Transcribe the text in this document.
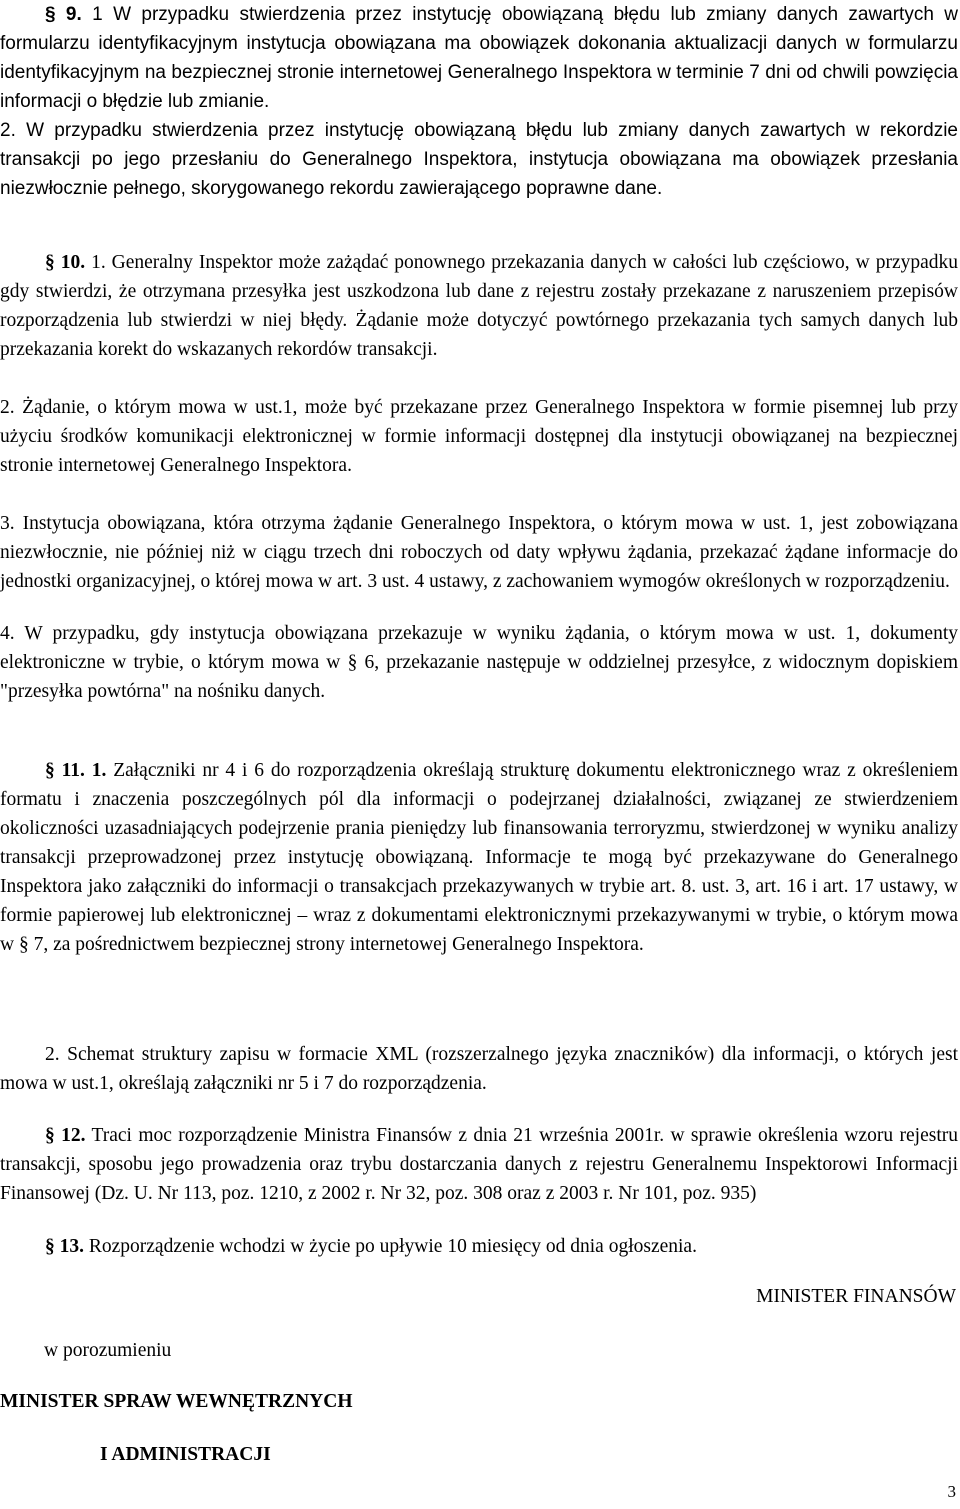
§ 9. 1 W przypadku stwierdzenia przez instytucję obowiązaną błędu lub zmiany danych zawartych w formularzu identyfikacyjnym instytucja obowiązana ma obowiązek dokonania aktualizacji danych w formularzu identyfikacyjnym na bezpiecznej stronie internetowej Generalnego Inspektora w terminie 7 dni od chwili powzięcia informacji o błędzie lub zmianie.

2. W przypadku stwierdzenia przez instytucję obowiązaną błędu lub zmiany danych zawartych w rekordzie transakcji po jego przesłaniu do Generalnego Inspektora, instytucja obowiązana ma obowiązek przesłania niezwłocznie pełnego, skorygowanego rekordu zawierającego poprawne dane.

§ 10. 1. Generalny Inspektor może zażądać ponownego przekazania danych w całości lub częściowo, w przypadku gdy stwierdzi, że otrzymana przesyłka jest uszkodzona lub dane z rejestru zostały przekazane z naruszeniem przepisów rozporządzenia lub stwierdzi w niej błędy. Żądanie może dotyczyć powtórnego przekazania tych samych danych lub przekazania korekt do wskazanych rekordów transakcji.

2. Żądanie, o którym mowa w ust.1, może być przekazane przez Generalnego Inspektora w formie pisemnej lub przy użyciu środków komunikacji elektronicznej w formie informacji dostępnej dla instytucji obowiązanej na bezpiecznej stronie internetowej Generalnego Inspektora.

3. Instytucja obowiązana, która otrzyma żądanie Generalnego Inspektora, o którym mowa w ust. 1, jest zobowiązana niezwłocznie, nie później niż w ciągu trzech dni roboczych od daty wpływu żądania, przekazać żądane informacje do jednostki organizacyjnej, o której mowa w art. 3 ust. 4 ustawy, z zachowaniem wymogów określonych w rozporządzeniu.

4. W przypadku, gdy instytucja obowiązana przekazuje w wyniku żądania, o którym mowa w ust. 1, dokumenty elektroniczne w trybie, o którym mowa w § 6, przekazanie następuje w oddzielnej przesyłce, z widocznym dopiskiem "przesyłka powtórna" na nośniku danych.

§ 11. 1. Załączniki nr 4 i 6 do rozporządzenia określają strukturę dokumentu elektronicznego wraz z określeniem formatu i znaczenia poszczególnych pól dla informacji o podejrzanej działalności, związanej ze stwierdzeniem okoliczności uzasadniających podejrzenie prania pieniędzy lub finansowania terroryzmu, stwierdzonej w wyniku analizy transakcji przeprowadzonej przez instytucję obowiązaną. Informacje te mogą być przekazywane do Generalnego Inspektora jako załączniki do informacji o transakcjach przekazywanych w trybie art. 8. ust. 3, art. 16 i art. 17 ustawy, w formie papierowej lub elektronicznej – wraz z dokumentami elektronicznymi przekazywanymi w trybie, o którym mowa w § 7, za pośrednictwem bezpiecznej strony internetowej Generalnego Inspektora.

2. Schemat struktury zapisu w formacie XML (rozszerzalnego języka znaczników) dla informacji, o których jest mowa w ust.1, określają załączniki nr 5 i 7 do rozporządzenia.

§ 12. Traci moc rozporządzenie Ministra Finansów z dnia 21 września 2001r. w sprawie określenia wzoru rejestru transakcji, sposobu jego prowadzenia oraz trybu dostarczania danych z rejestru Generalnemu Inspektorowi Informacji Finansowej (Dz. U. Nr 113, poz. 1210, z 2002 r. Nr 32, poz. 308 oraz z 2003 r. Nr 101, poz. 935)

§ 13. Rozporządzenie wchodzi w życie po upływie 10 miesięcy od dnia ogłoszenia.

MINISTER FINANSÓW
w porozumieniu
MINISTER SPRAW WEWNĘTRZNYCH
I ADMINISTRACJI
3
